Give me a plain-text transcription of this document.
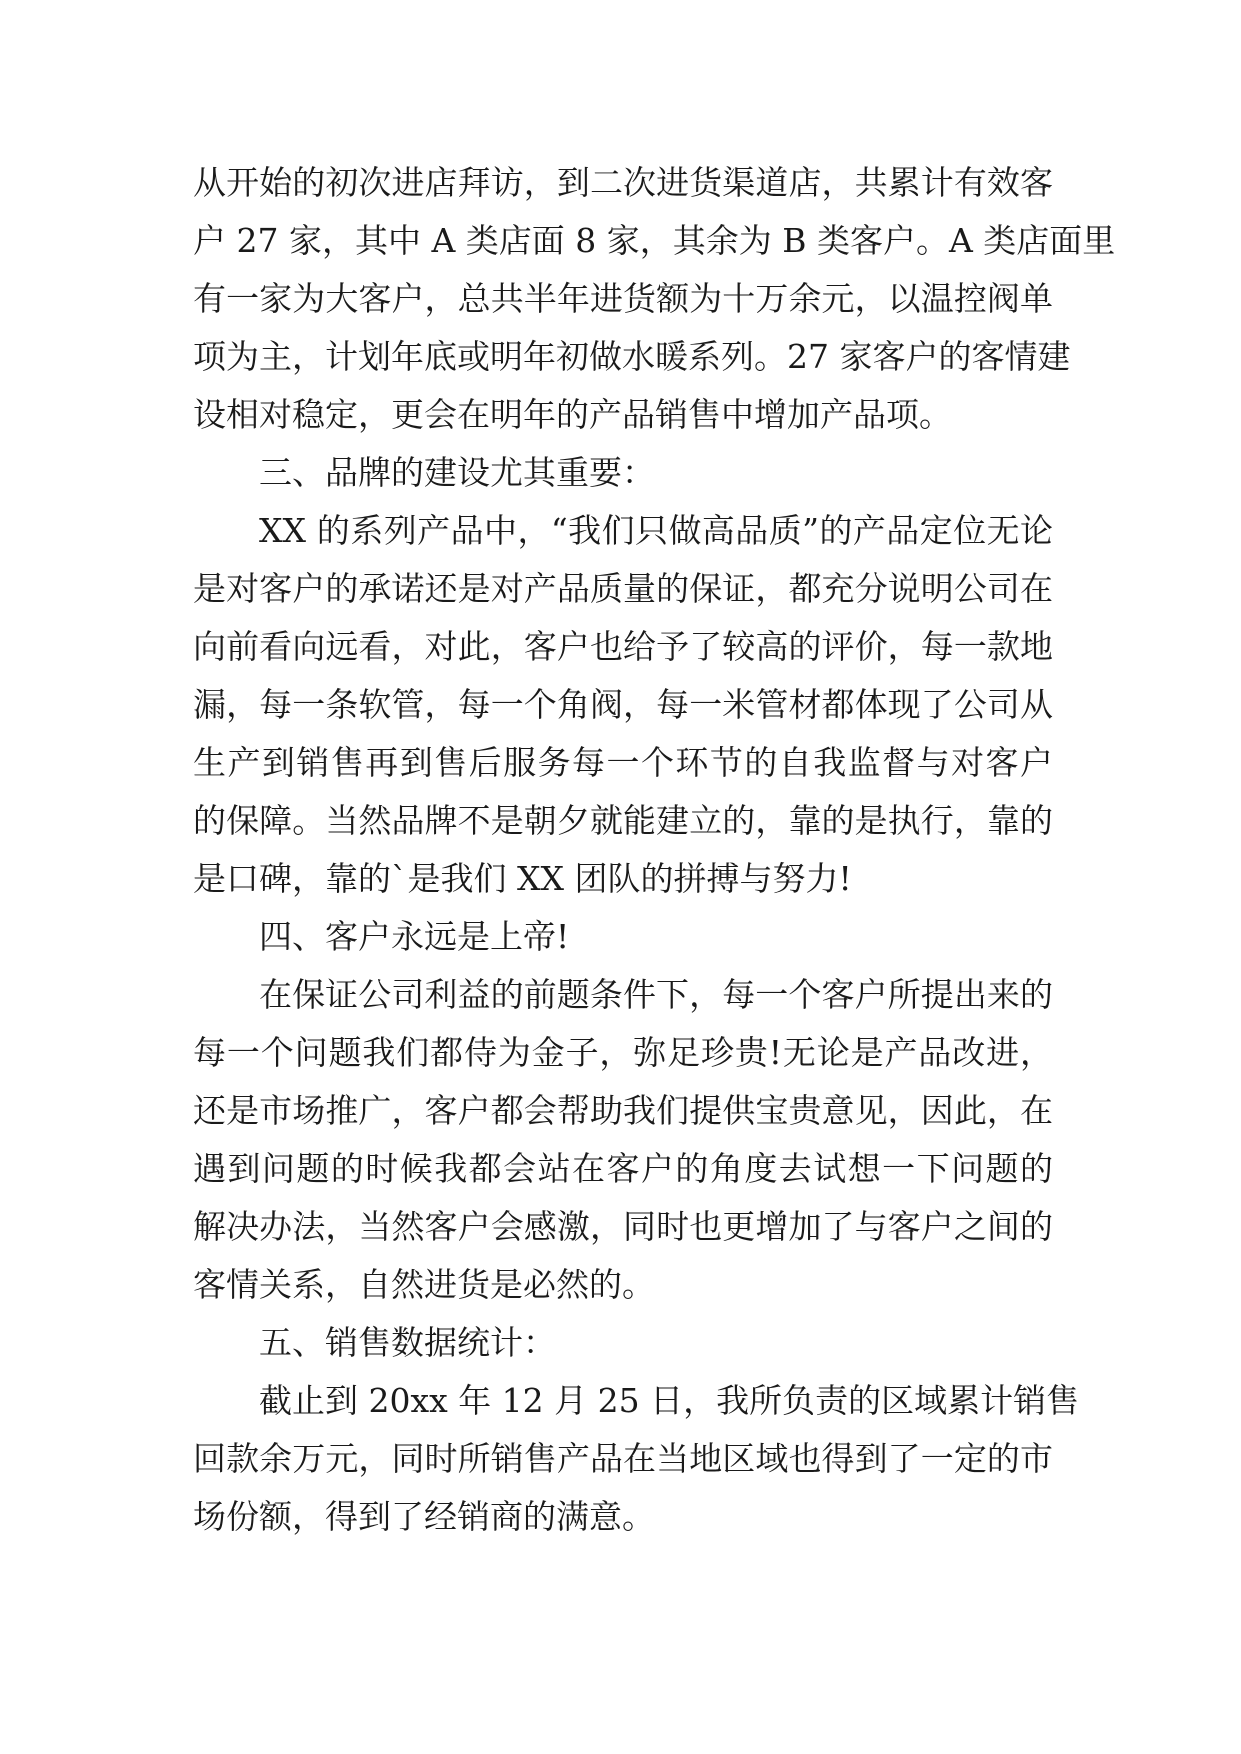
从开始的初次进店拜访，到二次进货渠道店，共累计有效客
户 27 家，其中 A 类店面 8 家，其余为 B 类客户。A 类店面里
有一家为大客户，总共半年进货额为十万余元，以温控阀单
项为主，计划年底或明年初做水暖系列。27 家客户的客情建
设相对稳定，更会在明年的产品销售中增加产品项。
三、品牌的建设尤其重要：
XX 的系列产品中，“我们只做高品质”的产品定位无论
是对客户的承诺还是对产品质量的保证，都充分说明公司在
向前看向远看，对此，客户也给予了较高的评价，每一款地
漏，每一条软管，每一个角阀，每一米管材都体现了公司从
生产到销售再到售后服务每一个环节的自我监督与对客户
的保障。当然品牌不是朝夕就能建立的，靠的是执行，靠的
是口碑，靠的`是我们 XX 团队的拼搏与努力!
四、客户永远是上帝!
在保证公司利益的前题条件下，每一个客户所提出来的
每一个问题我们都侍为金子，弥足珍贵!无论是产品改进，
还是市场推广，客户都会帮助我们提供宝贵意见，因此，在
遇到问题的时候我都会站在客户的角度去试想一下问题的
解决办法，当然客户会感激，同时也更增加了与客户之间的
客情关系，自然进货是必然的。
五、销售数据统计：
截止到 20xx 年 12 月 25 日，我所负责的区域累计销售
回款余万元，同时所销售产品在当地区域也得到了一定的市
场份额，得到了经销商的满意。
